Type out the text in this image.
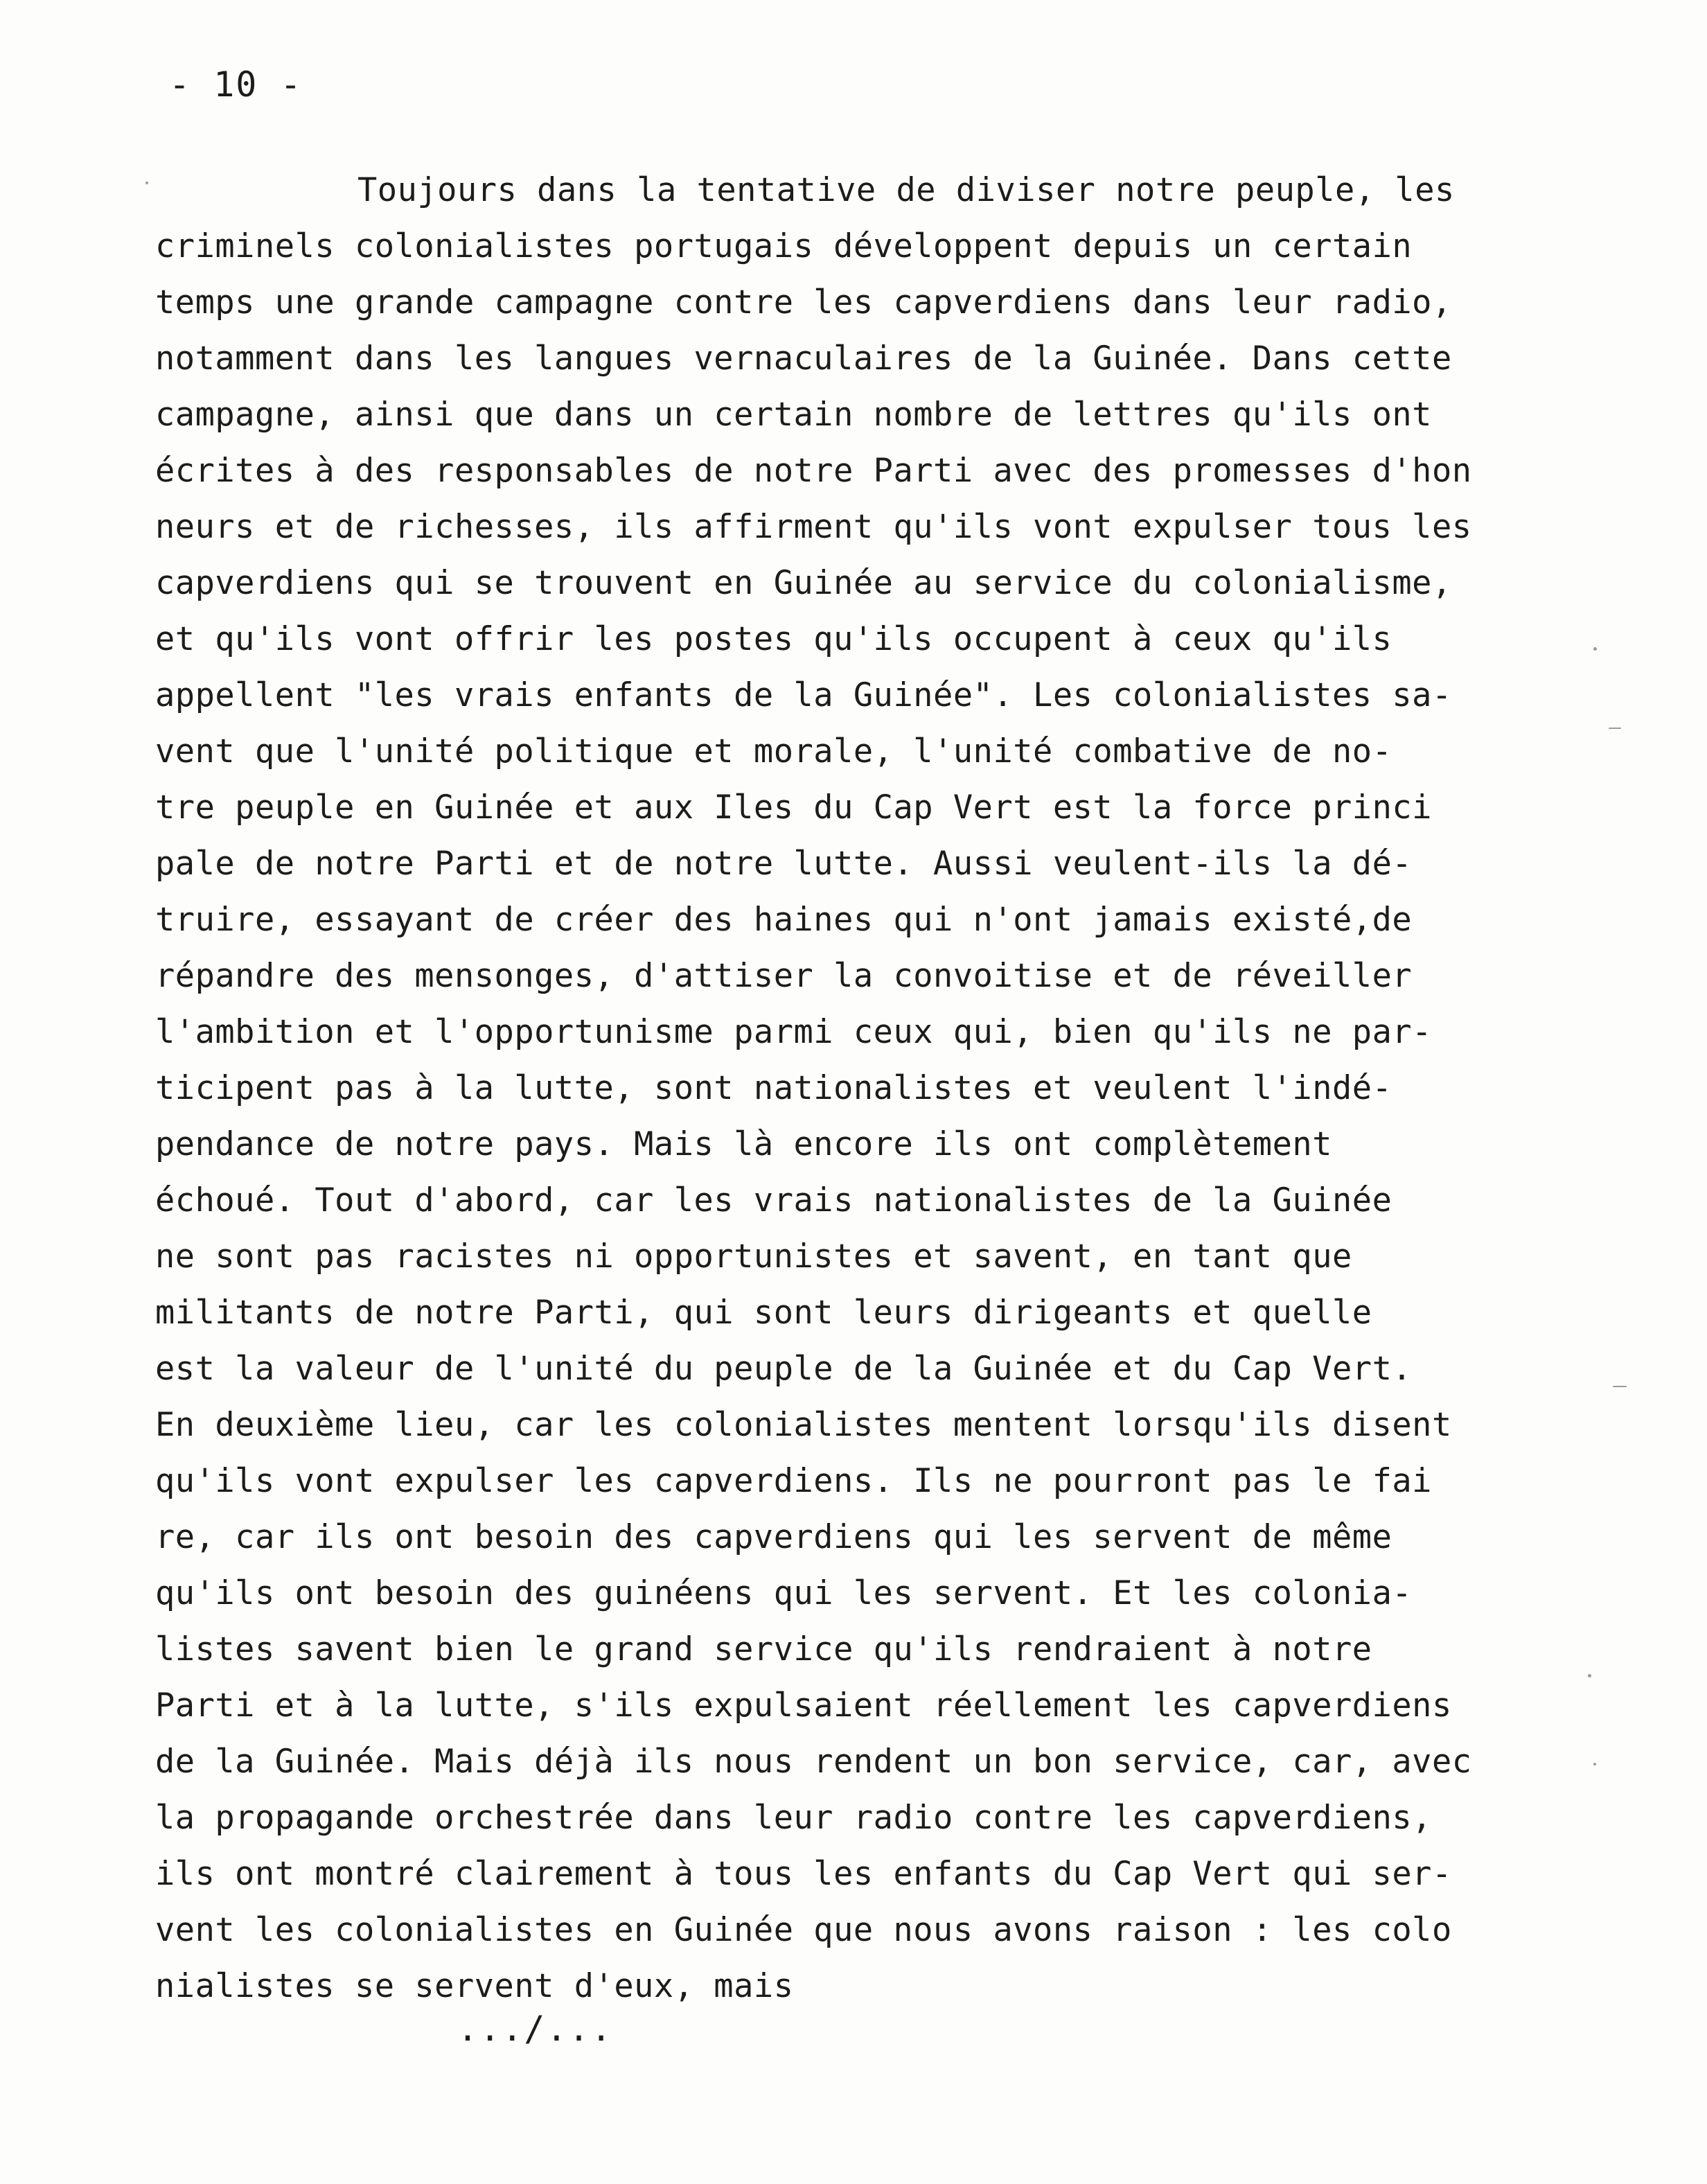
- 10 -
Toujours dans la tentative de diviser notre peuple, les
criminels colonialistes portugais développent depuis un certain
temps une grande campagne contre les capverdiens dans leur radio,
notamment dans les langues vernaculaires de la Guinée. Dans cette
campagne, ainsi que dans un certain nombre de lettres qu'ils ont
écrites à des responsables de notre Parti avec des promesses d'hon
neurs et de richesses, ils affirment qu'ils vont expulser tous les
capverdiens qui se trouvent en Guinée au service du colonialisme,
et qu'ils vont offrir les postes qu'ils occupent à ceux qu'ils
appellent "les vrais enfants de la Guinée". Les colonialistes sa-
vent que l'unité politique et morale, l'unité combative de no-
tre peuple en Guinée et aux Iles du Cap Vert est la force princi
pale de notre Parti et de notre lutte. Aussi veulent-ils la dé-
truire, essayant de créer des haines qui n'ont jamais existé,de
répandre des mensonges, d'attiser la convoitise et de réveiller
l'ambition et l'opportunisme parmi ceux qui, bien qu'ils ne par-
ticipent pas à la lutte, sont nationalistes et veulent l'indé-
pendance de notre pays. Mais là encore ils ont complètement
échoué. Tout d'abord, car les vrais nationalistes de la Guinée
ne sont pas racistes ni opportunistes et savent, en tant que
militants de notre Parti, qui sont leurs dirigeants et quelle
est la valeur de l'unité du peuple de la Guinée et du Cap Vert.
En deuxième lieu, car les colonialistes mentent lorsqu'ils disent
qu'ils vont expulser les capverdiens. Ils ne pourront pas le fai
re, car ils ont besoin des capverdiens qui les servent de même
qu'ils ont besoin des guinéens qui les servent. Et les colonia-
listes savent bien le grand service qu'ils rendraient à notre
Parti et à la lutte, s'ils expulsaient réellement les capverdiens
de la Guinée. Mais déjà ils nous rendent un bon service, car, avec
la propagande orchestrée dans leur radio contre les capverdiens,
ils ont montré clairement à tous les enfants du Cap Vert qui ser-
vent les colonialistes en Guinée que nous avons raison : les colo
nialistes se servent d'eux, mais
.../...
